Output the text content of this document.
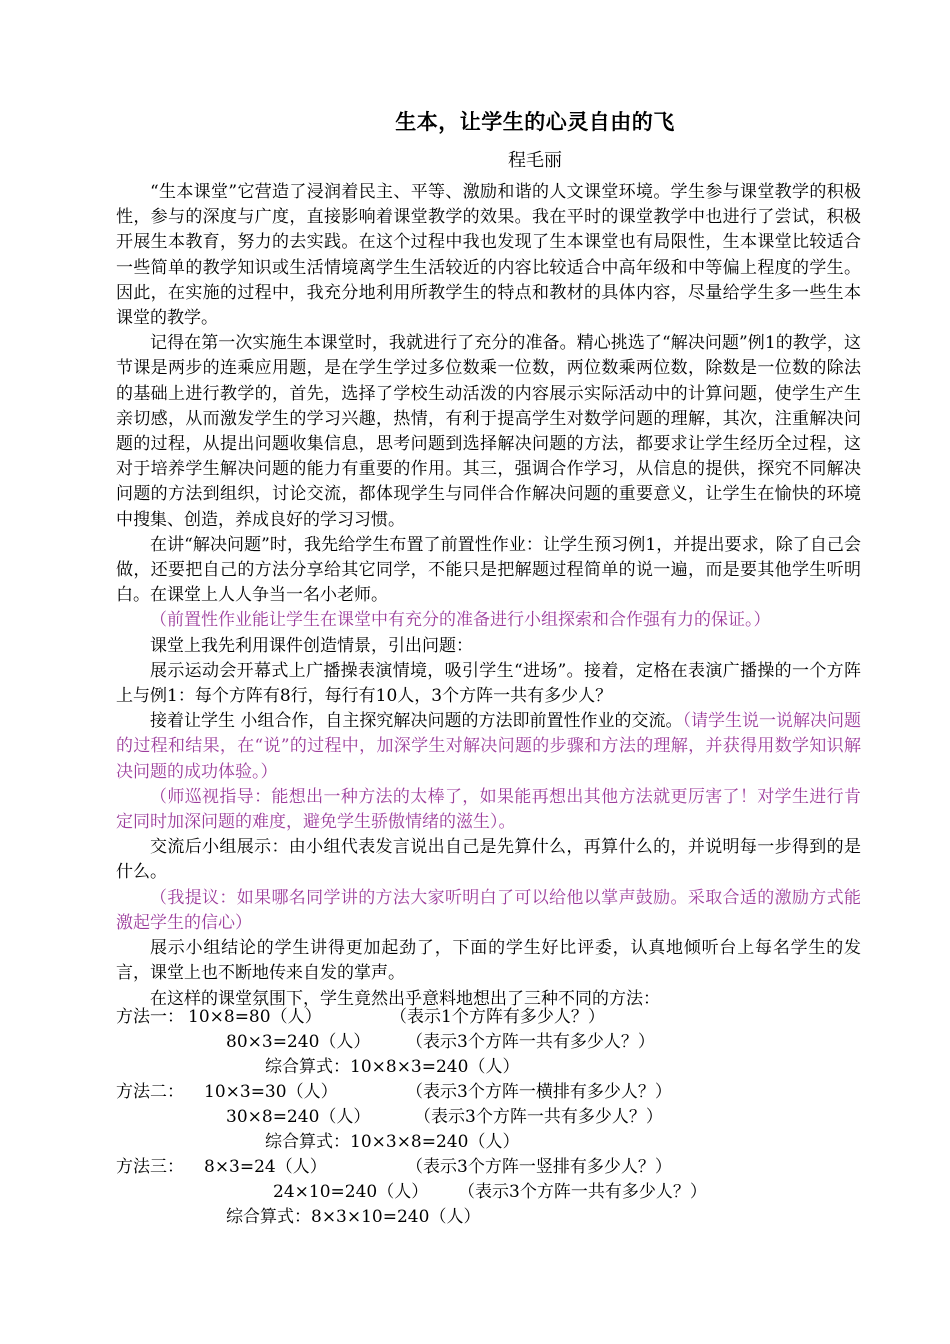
生本，让学生的心灵自由的飞
程毛丽

“生本课堂”它营造了浸润着民主、平等、激励和谐的人文课堂环境。学生参与课堂教学的积极性，参与的深度与广度，直接影响着课堂教学的效果。我在平时的课堂教学中也进行了尝试，积极开展生本教育，努力的去实践。在这个过程中我也发现了生本课堂也有局限性，生本课堂比较适合一些简单的教学知识或生活情境离学生生活较近的内容比较适合中高年级和中等偏上程度的学生。因此，在实施的过程中，我充分地利用所教学生的特点和教材的具体内容，尽量给学生多一些生本课堂的教学。

记得在第一次实施生本课堂时，我就进行了充分的准备。精心挑选了“解决问题”例1的教学，这节课是两步的连乘应用题，是在学生学过多位数乘一位数，两位数乘两位数，除数是一位数的除法的基础上进行教学的，首先，选择了学校生动活泼的内容展示实际活动中的计算问题，使学生产生亲切感，从而激发学生的学习兴趣，热情，有利于提高学生对数学问题的理解，其次，注重解决问题的过程，从提出问题收集信息，思考问题到选择解决问题的方法，都要求让学生经历全过程，这对于培养学生解决问题的能力有重要的作用。其三，强调合作学习，从信息的提供，探究不同解决问题的方法到组织，讨论交流，都体现学生与同伴合作解决问题的重要意义，让学生在愉快的环境中搜集、创造，养成良好的学习习惯。

在讲“解决问题”时，我先给学生布置了前置性作业：让学生预习例1，并提出要求，除了自己会做，还要把自己的方法分享给其它同学，不能只是把解题过程简单的说一遍，而是要其他学生听明白。在课堂上人人争当一名小老师。

（前置性作业能让学生在课堂中有充分的准备进行小组探索和合作强有力的保证。）

课堂上我先利用课件创造情景，引出问题：

展示运动会开幕式上广播操表演情境，吸引学生“进场”。接着，定格在表演广播操的一个方阵上与例1：每个方阵有8行，每行有10人，3个方阵一共有多少人？

接着让学生 小组合作，自主探究解决问题的方法即前置性作业的交流。（请学生说一说解决问题的过程和结果，在“说”的过程中，加深学生对解决问题的步骤和方法的理解，并获得用数学知识解决问题的成功体验。）

（师巡视指导：能想出一种方法的太棒了，如果能再想出其他方法就更厉害了！对学生进行肯定同时加深问题的难度，避免学生骄傲情绪的滋生）。

交流后小组展示：由小组代表发言说出自己是先算什么，再算什么的，并说明每一步得到的是什么。

（我提议：如果哪名同学讲的方法大家听明白了可以给他以掌声鼓励。采取合适的激励方式能激起学生的信心）

展示小组结论的学生讲得更加起劲了，下面的学生好比评委，认真地倾听台上每名学生的发言，课堂上也不断地传来自发的掌声。

在这样的课堂氛围下，学生竟然出乎意料地想出了三种不同的方法：

方法一： 10×8=80（人）	（表示1个方阵有多少人？）
80×3=240（人） （表示3个方阵一共有多少人？）
综合算式：10×8×3=240（人）
方法二： 10×3=30（人）	（表示3个方阵一横排有多少人？）
30×8=240（人）	（表示3个方阵一共有多少人？）
综合算式：10×3×8=240（人）
方法三： 8×3=24（人）	（表示3个方阵一竖排有多少人？）
24×10=240（人） （表示3个方阵一共有多少人？）
综合算式：8×3×10=240（人）
